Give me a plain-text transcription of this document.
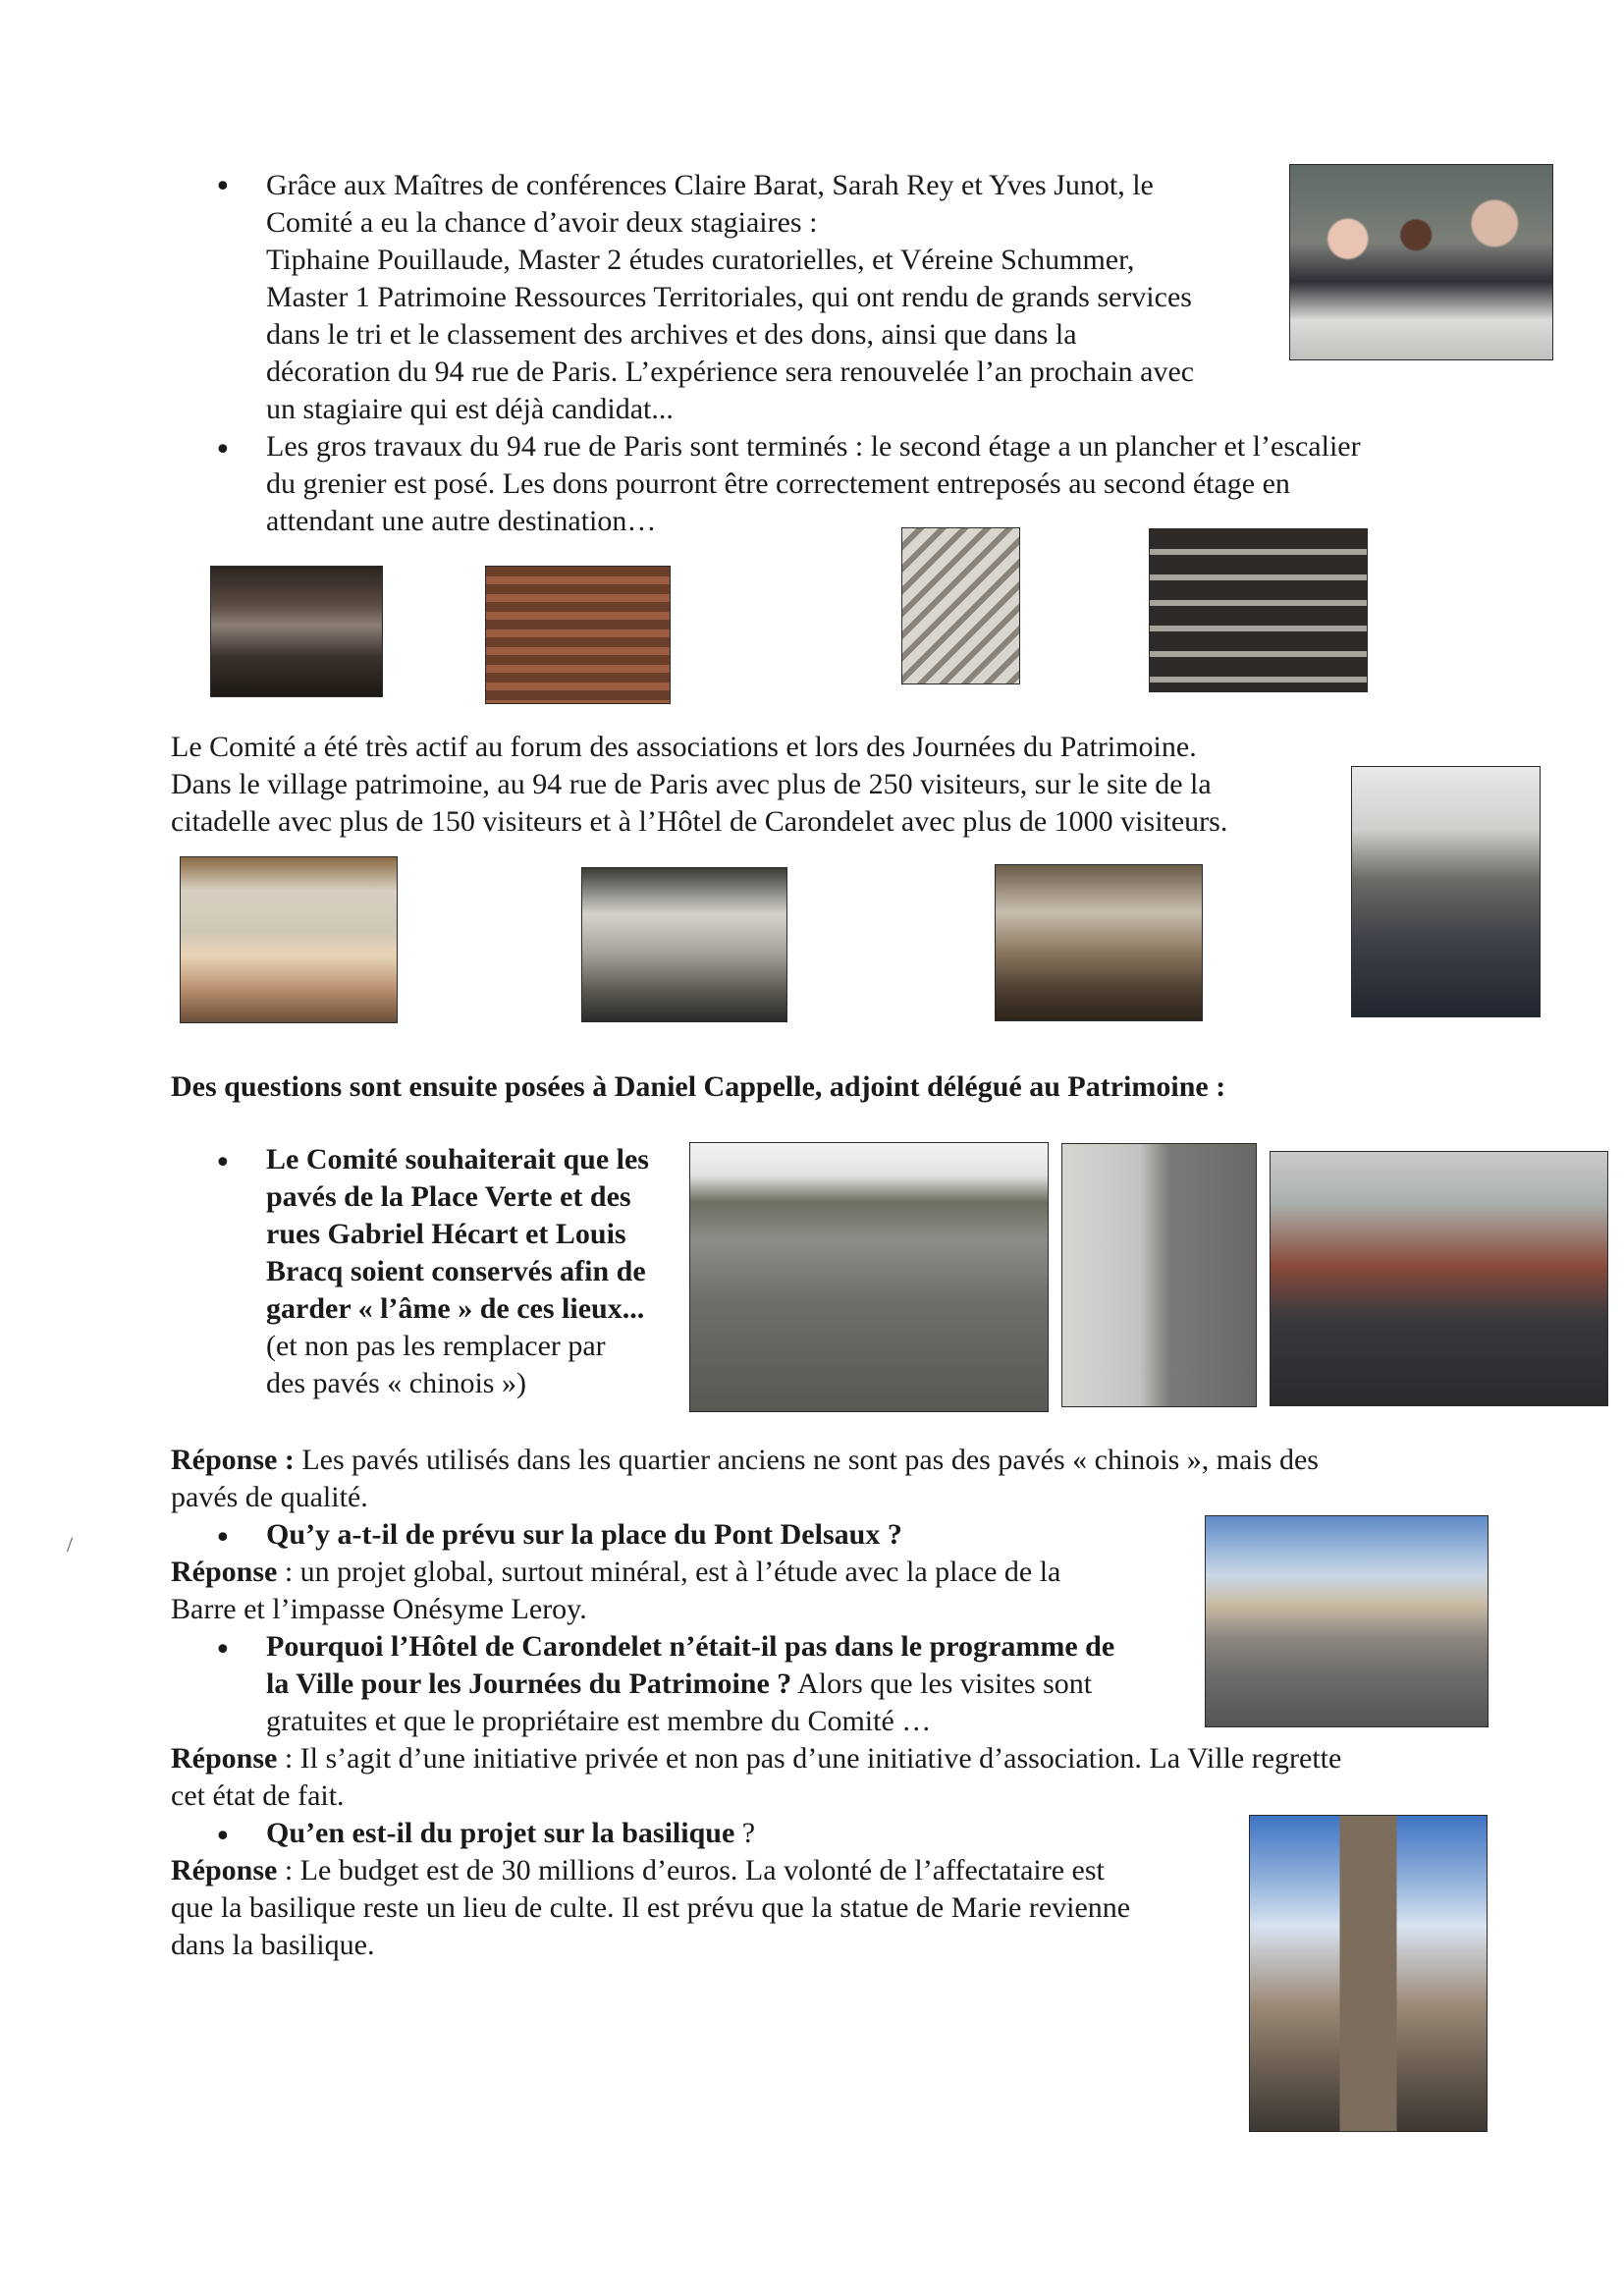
• Grâce aux Maîtres de conférences Claire Barat, Sarah Rey et Yves Junot, le
Comité a eu la chance d’avoir deux stagiaires :
Tiphaine Pouillaude, Master 2 études curatorielles, et Véreine Schummer,
Master 1 Patrimoine Ressources Territoriales, qui ont rendu de grands services
dans le tri et le classement des archives et des dons, ainsi que dans la
décoration du 94 rue de Paris. L’expérience sera renouvelée l’an prochain avec
un stagiaire qui est déjà candidat...
• Les gros travaux du 94 rue de Paris sont terminés : le second étage a un plancher et l’escalier
du grenier est posé. Les dons pourront être correctement entreposés au second étage en
attendant une autre destination…
Le Comité a été très actif au forum des associations et lors des Journées du Patrimoine.
Dans le village patrimoine, au 94 rue de Paris avec plus de 250 visiteurs, sur le site de la
citadelle avec plus de 150 visiteurs et à l’Hôtel de Carondelet avec plus de 1000 visiteurs.
Des questions sont ensuite posées à Daniel Cappelle, adjoint délégué au Patrimoine :
• Le Comité souhaiterait que les
pavés de la Place Verte et des
rues Gabriel Hécart et Louis
Bracq soient conservés afin de
garder « l’âme » de ces lieux...
(et non pas les remplacer par
des pavés « chinois »)
Réponse : Les pavés utilisés dans les quartier anciens ne sont pas des pavés « chinois », mais des
pavés de qualité.
• Qu’y a-t-il de prévu sur la place du Pont Delsaux ?
Réponse : un projet global, surtout minéral, est à l’étude avec la place de la
Barre et l’impasse Onésyme Leroy.
• Pourquoi l’Hôtel de Carondelet n’était-il pas dans le programme de
la Ville pour les Journées du Patrimoine ? Alors que les visites sont
gratuites et que le propriétaire est membre du Comité …
Réponse : Il s’agit d’une initiative privée et non pas d’une initiative d’association. La Ville regrette
cet état de fait.
• Qu’en est-il du projet sur la basilique ?
Réponse : Le budget est de 30 millions d’euros. La volonté de l’affectataire est
que la basilique reste un lieu de culte. Il est prévu que la statue de Marie revienne
dans la basilique.
/
